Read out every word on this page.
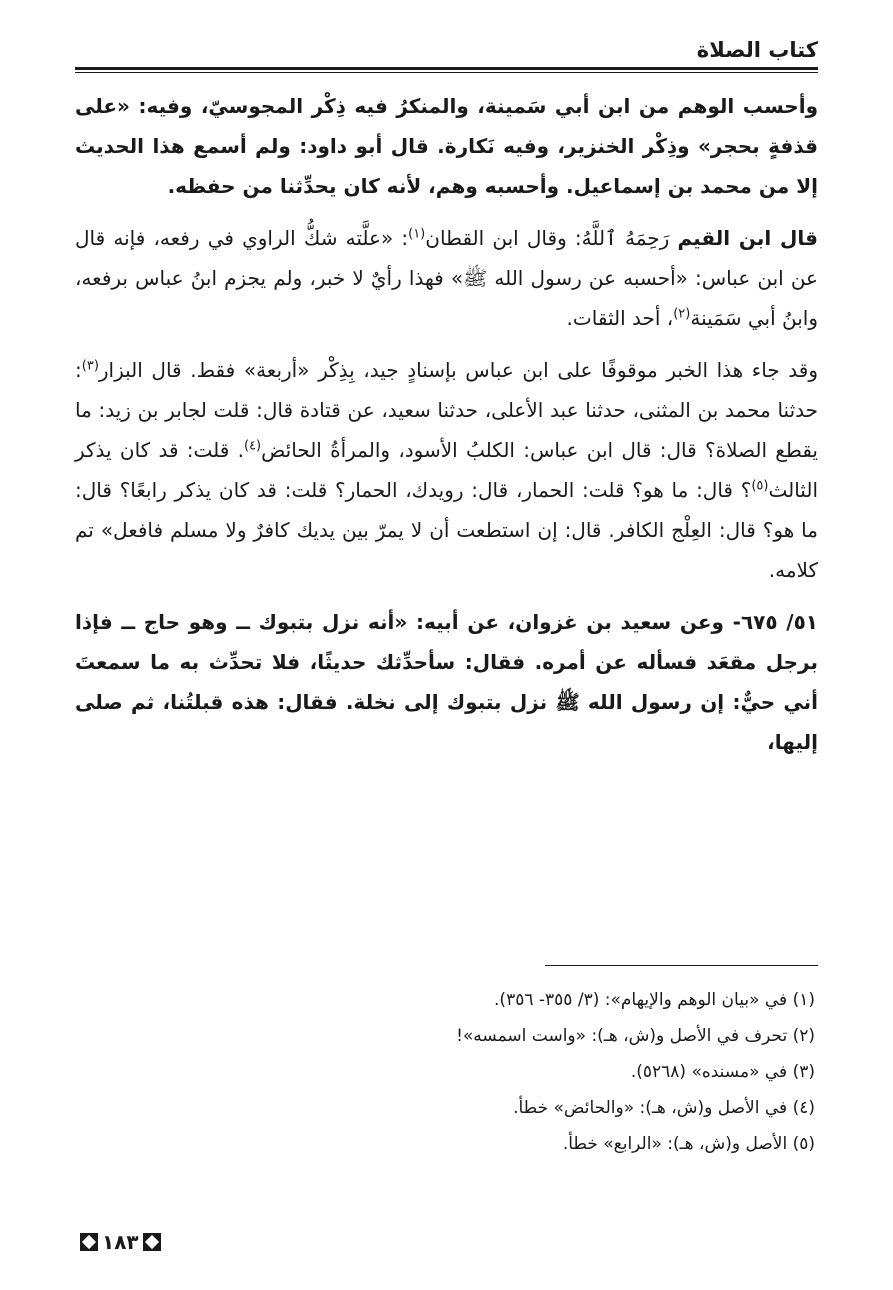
كتاب الصلاة

وأحسب الوهم من ابن أبي سَمينة، والمنكرُ فيه ذِكْر المجوسيّ، وفيه: «على قذفةٍ بحجر» وذِكْر الخنزير، وفيه نَكارة. قال أبو داود: ولم أسمع هذا الحديث إلا من محمد بن إسماعيل. وأحسبه وهم، لأنه كان يحدِّثنا من حفظه.

قال ابن القيم رَحِمَهُ ٱللَّهُ: وقال ابن القطان$^{(١)}$: «علَّته شكُّ الراوي في رفعه، فإنه قال عن ابن عباس: «أحسبه عن رسول الله ﷺ» فهذا رأيٌ لا خبر، ولم يجزم ابنُ عباس برفعه، وابنُ أبي سَمَينة$^{(٢)}$، أحد الثقات.

وقد جاء هذا الخبر موقوفًا على ابن عباس بإسنادٍ جيد، بِذِكْر «أربعة» فقط. قال البزار$^{(٣)}$: حدثنا محمد بن المثنى، حدثنا عبد الأعلى، حدثنا سعيد، عن قتادة قال: قلت لجابر بن زيد: ما يقطع الصلاة؟ قال: قال ابن عباس: الكلبُ الأسود، والمرأةُ الحائض$^{(٤)}$. قلت: قد كان يذكر الثالث$^{(٥)}$؟ قال: ما هو؟ قلت: الحمار، قال: رويدك، الحمار؟ قلت: قد كان يذكر رابعًا؟ قال: ما هو؟ قال: العِلْج الكافر. قال: إن استطعت أن لا يمرّ بين يديك كافرٌ ولا مسلم فافعل» تم كلامه.

٥١/ ٦٧٥- وعن سعيد بن غزوان، عن أبيه: «أنه نزل بتبوك ــ وهو حاج ــ فإذا برجل مقعَد فسأله عن أمره. فقال: سأحدِّثك حديثًا، فلا تحدِّث به ما سمعتَ أني حيٌّ: إن رسول الله ﷺ نزل بتبوك إلى نخلة. فقال: هذه قبلتُنا، ثم صلى إليها،

(١) في «بيان الوهم والإيهام»: (٣/ ٣٥٥- ٣٥٦).

(٢) تحرف في الأصل و(ش، هـ): «واست اسمسه»!

(٣) في «مسنده» (٥٢٦٨).

(٤) في الأصل و(ش، هـ): «والحائض» خطأ.

(٥) الأصل و(ش، هـ): «الرابع» خطأ.

١٨٣
